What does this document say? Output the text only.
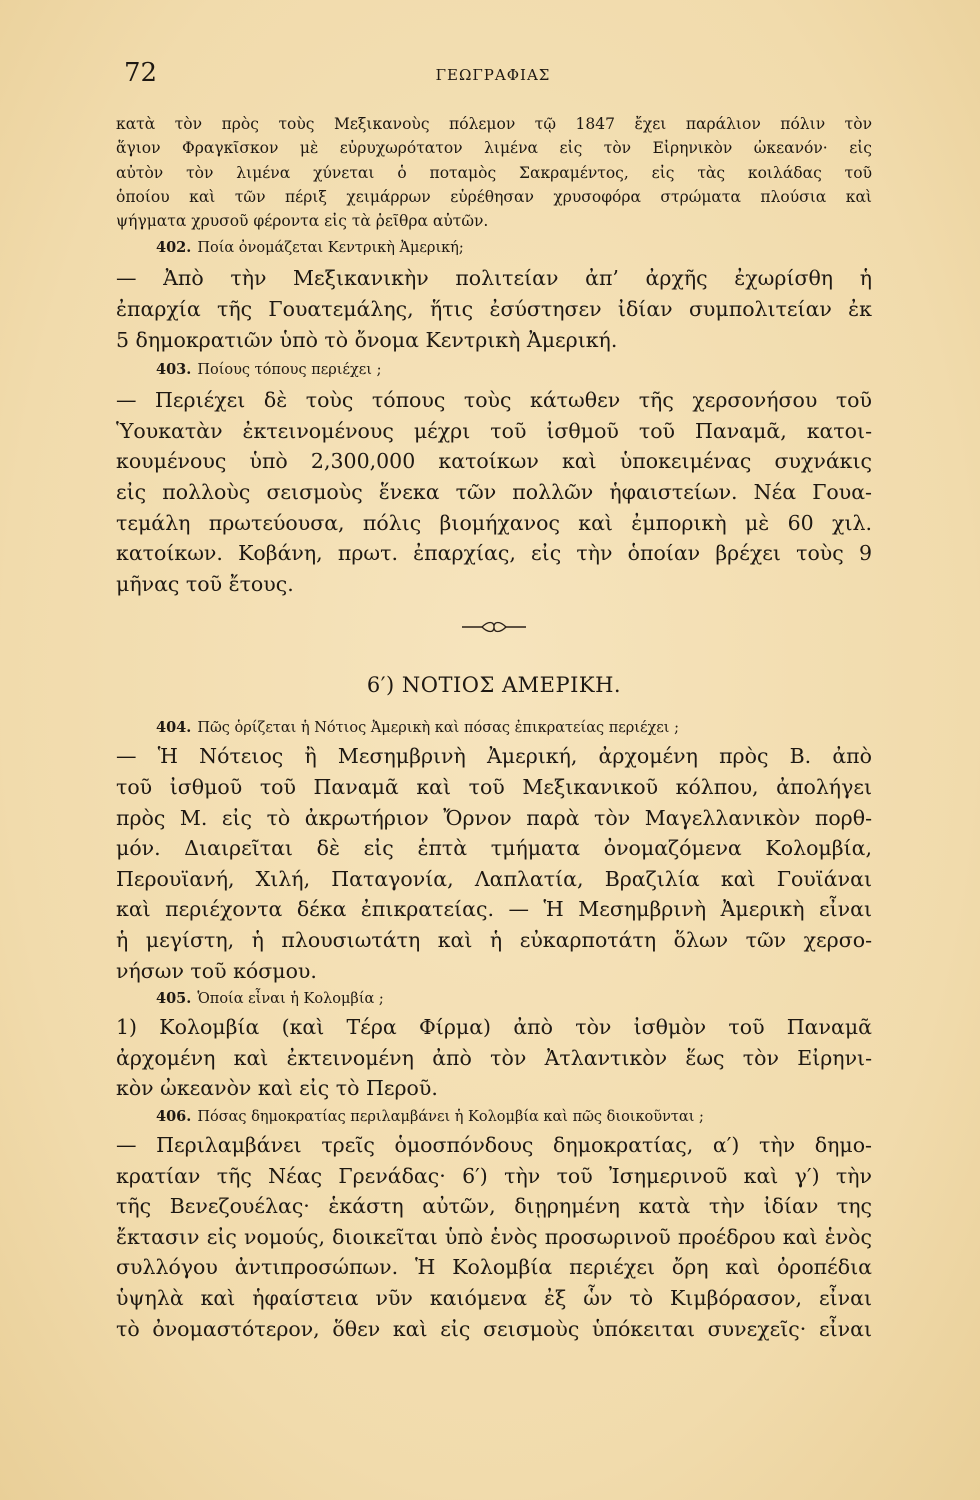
72	ΓΕΩΓΡΑΦΙΑΣ
κατὰ τὸν πρὸς τοὺς Μεξικανοὺς πόλεμον τῷ 1847 ἔχει παράλιον πόλιν τὸν
ἅγιον Φραγκῖσκον μὲ εὐρυχωρότατον λιμένα εἰς τὸν Εἰρηνικὸν ὠκεανόν· εἰς
αὐτὸν τὸν λιμένα χύνεται ὁ ποταμὸς Σακραμέντος, εἰς τὰς κοιλάδας τοῦ
ὁποίου καὶ τῶν πέριξ χειμάρρων εὑρέθησαν χρυσοφόρα στρώματα πλούσια καὶ
ψήγματα χρυσοῦ φέροντα εἰς τὰ ῥεῖθρα αὐτῶν.
402. Ποία ὀνομάζεται Κεντρικὴ Ἀμερική;
— Ἀπὸ τὴν Μεξικανικὴν πολιτείαν ἀπ’ ἀρχῆς ἐχωρίσθη ἡ
ἐπαρχία τῆς Γουατεμάλης, ἥτις ἐσύστησεν ἰδίαν συμπολιτείαν ἐκ
5 δημοκρατιῶν ὑπὸ τὸ ὄνομα Κεντρικὴ Ἀμερική.
403. Ποίους τόπους περιέχει ;
— Περιέχει δὲ τοὺς τόπους τοὺς κάτωθεν τῆς χερσονήσου τοῦ
Ὑουκατὰν ἐκτεινομένους μέχρι τοῦ ἰσθμοῦ τοῦ Παναμᾶ, κατοι-
κουμένους ὑπὸ 2,300,000 κατοίκων καὶ ὑποκειμένας συχνάκις
εἰς πολλοὺς σεισμοὺς ἕνεκα τῶν πολλῶν ἡφαιστείων. Νέα Γουα-
τεμάλη πρωτεύουσα, πόλις βιομήχανος καὶ ἐμπορικὴ μὲ 60 χιλ.
κατοίκων. Κοβάνη, πρωτ. ἐπαρχίας, εἰς τὴν ὁποίαν βρέχει τοὺς 9
μῆνας τοῦ ἔτους.
6′) ΝΟΤΙΟΣ ΑΜΕΡΙΚΗ.
404. Πῶς ὁρίζεται ἡ Νότιος Ἀμερικὴ καὶ πόσας ἐπικρατείας περιέχει ;
— Ἡ Νότειος ἢ Μεσημβρινὴ Ἀμερική, ἀρχομένη πρὸς Β. ἀπὸ
τοῦ ἰσθμοῦ τοῦ Παναμᾶ καὶ τοῦ Μεξικανικοῦ κόλπου, ἀπολήγει
πρὸς Μ. εἰς τὸ ἀκρωτήριον Ὄρνον παρὰ τὸν Μαγελλανικὸν πορθ-
μόν. Διαιρεῖται δὲ εἰς ἑπτὰ τμήματα ὀνομαζόμενα Κολομβία,
Περουϊανή, Χιλή, Παταγονία, Λαπλατία, Βραζιλία καὶ Γουϊάναι
καὶ περιέχοντα δέκα ἐπικρατείας. — Ἡ Μεσημβρινὴ Ἀμερικὴ εἶναι
ἡ μεγίστη, ἡ πλουσιωτάτη καὶ ἡ εὐκαρποτάτη ὅλων τῶν χερσο-
νήσων τοῦ κόσμου.
405. Ὁποία εἶναι ἡ Κολομβία ;
1) Κολομβία (καὶ Τέρα Φίρμα) ἀπὸ τὸν ἰσθμὸν τοῦ Παναμᾶ
ἀρχομένη καὶ ἐκτεινομένη ἀπὸ τὸν Ἀτλαντικὸν ἕως τὸν Εἰρηνι-
κὸν ὠκεανὸν καὶ εἰς τὸ Περοῦ.
406. Πόσας δημοκρατίας περιλαμβάνει ἡ Κολομβία καὶ πῶς διοικοῦνται ;
— Περιλαμβάνει τρεῖς ὁμοσπόνδους δημοκρατίας, α′) τὴν δημο-
κρατίαν τῆς Νέας Γρενάδας· 6′) τὴν τοῦ Ἰσημερινοῦ καὶ γ′) τὴν
τῆς Βενεζουέλας· ἑκάστη αὐτῶν, διῃρημένη κατὰ τὴν ἰδίαν της
ἔκτασιν εἰς νομούς, διοικεῖται ὑπὸ ἑνὸς προσωρινοῦ προέδρου καὶ ἑνὸς
συλλόγου ἀντιπροσώπων. Ἡ Κολομβία περιέχει ὄρη καὶ ὀροπέδια
ὑψηλὰ καὶ ἡφαίστεια νῦν καιόμενα ἐξ ὧν τὸ Κιμβόρασον, εἶναι
τὸ ὀνομαστότερον, ὅθεν καὶ εἰς σεισμοὺς ὑπόκειται συνεχεῖς· εἶναι
